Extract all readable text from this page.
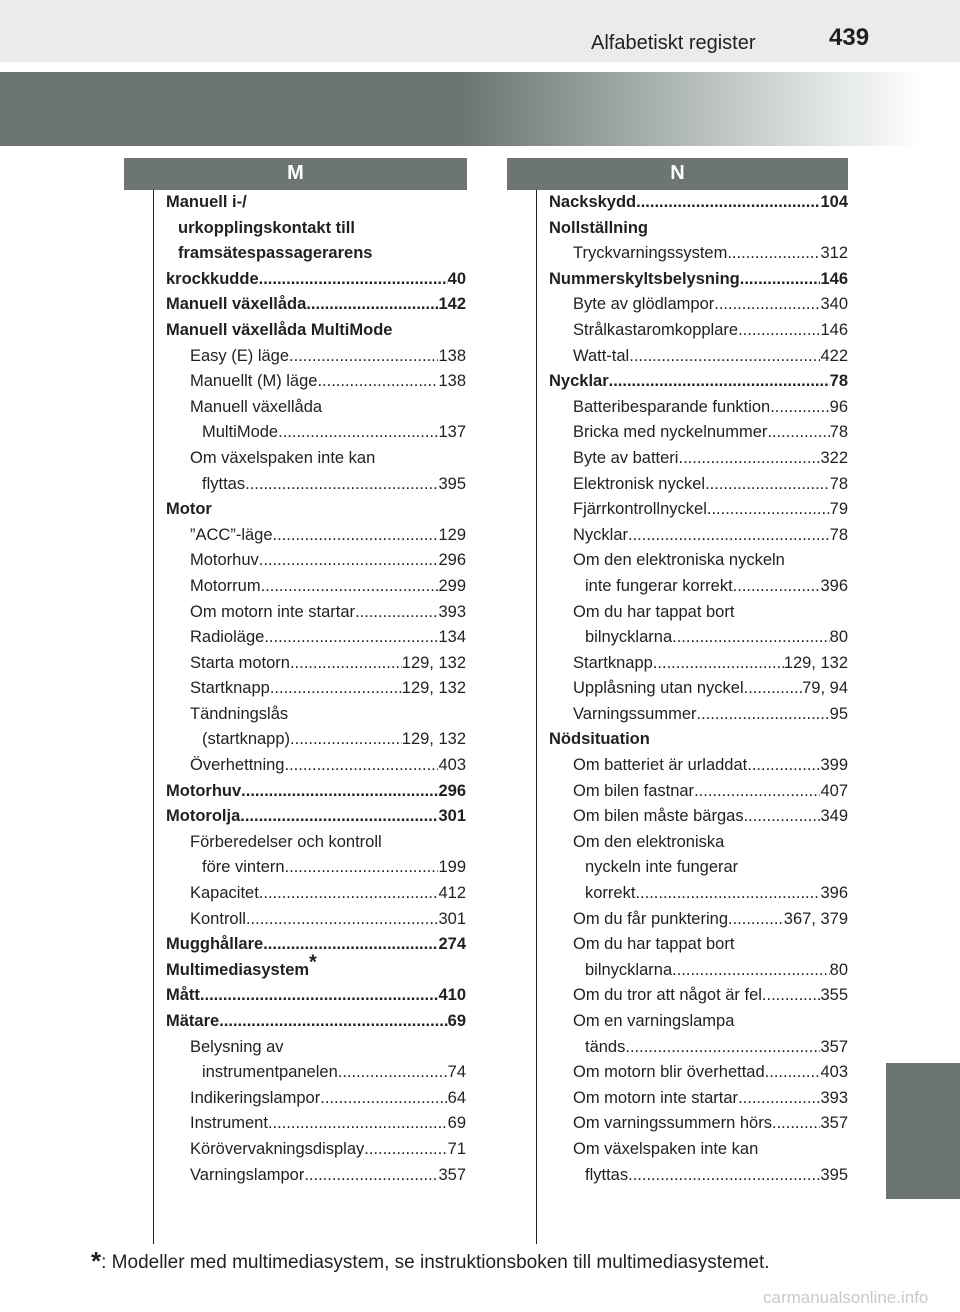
439
Alfabetiskt register
M	N
Manuell i-/
urkopplingskontakt till
framsätespassagerarens
krockkudde .....	40
Manuell växellåda .....	142
Manuell växellåda MultiMode
Easy (E) läge .....	138
Manuellt (M) läge .....	138
Manuell växellåda
MultiMode .....	137
Om växelspaken inte kan
flyttas .....	395
Motor
”ACC”-läge .....	129
Motorhuv .....	296
Motorrum .....	299
Om motorn inte startar .....	393
Radioläge .....	134
Starta motorn .....	129, 132
Startknapp .....	129, 132
Tändningslås
(startknapp) .....	129, 132
Överhettning .....	403
Motorhuv .....	296
Motorolja .....	301
Förberedelser och kontroll
före vintern .....	199
Kapacitet .....	412
Kontroll .....	301
Mugghållare .....	274
Multimediasystem*
Mått .....	410
Mätare .....	69
Belysning av
instrumentpanelen .....	74
Indikeringslampor .....	64
Instrument .....	69
Körövervakningsdisplay .....	71
Varningslampor .....	357
Nackskydd .....	104
Nollställning
Tryckvarningssystem .....	312
Nummerskyltsbelysning .....	146
Byte av glödlampor .....	340
Strålkastaromkopplare .....	146
Watt-tal .....	422
Nycklar .....	78
Batteribesparande funktion .....	96
Bricka med nyckelnummer .....	78
Byte av batteri .....	322
Elektronisk nyckel .....	78
Fjärrkontrollnyckel .....	79
Nycklar .....	78
Om den elektroniska nyckeln
inte fungerar korrekt .....	396
Om du har tappat bort
bilnycklarna .....	80
Startknapp .....	129, 132
Upplåsning utan nyckel .....	79, 94
Varningssummer .....	95
Nödsituation
Om batteriet är urladdat .....	399
Om bilen fastnar .....	407
Om bilen måste bärgas .....	349
Om den elektroniska
nyckeln inte fungerar
korrekt .....	396
Om du får punktering .....	367, 379
Om du har tappat bort
bilnycklarna .....	80
Om du tror att något är fel .....	355
Om en varningslampa
tänds .....	357
Om motorn blir överhettad .....	403
Om motorn inte startar .....	393
Om varningssummern hörs .....	357
Om växelspaken inte kan
flyttas .....	395
*: Modeller med multimediasystem, se instruktionsboken till multimediasystemet.
carmanualsonline.info
